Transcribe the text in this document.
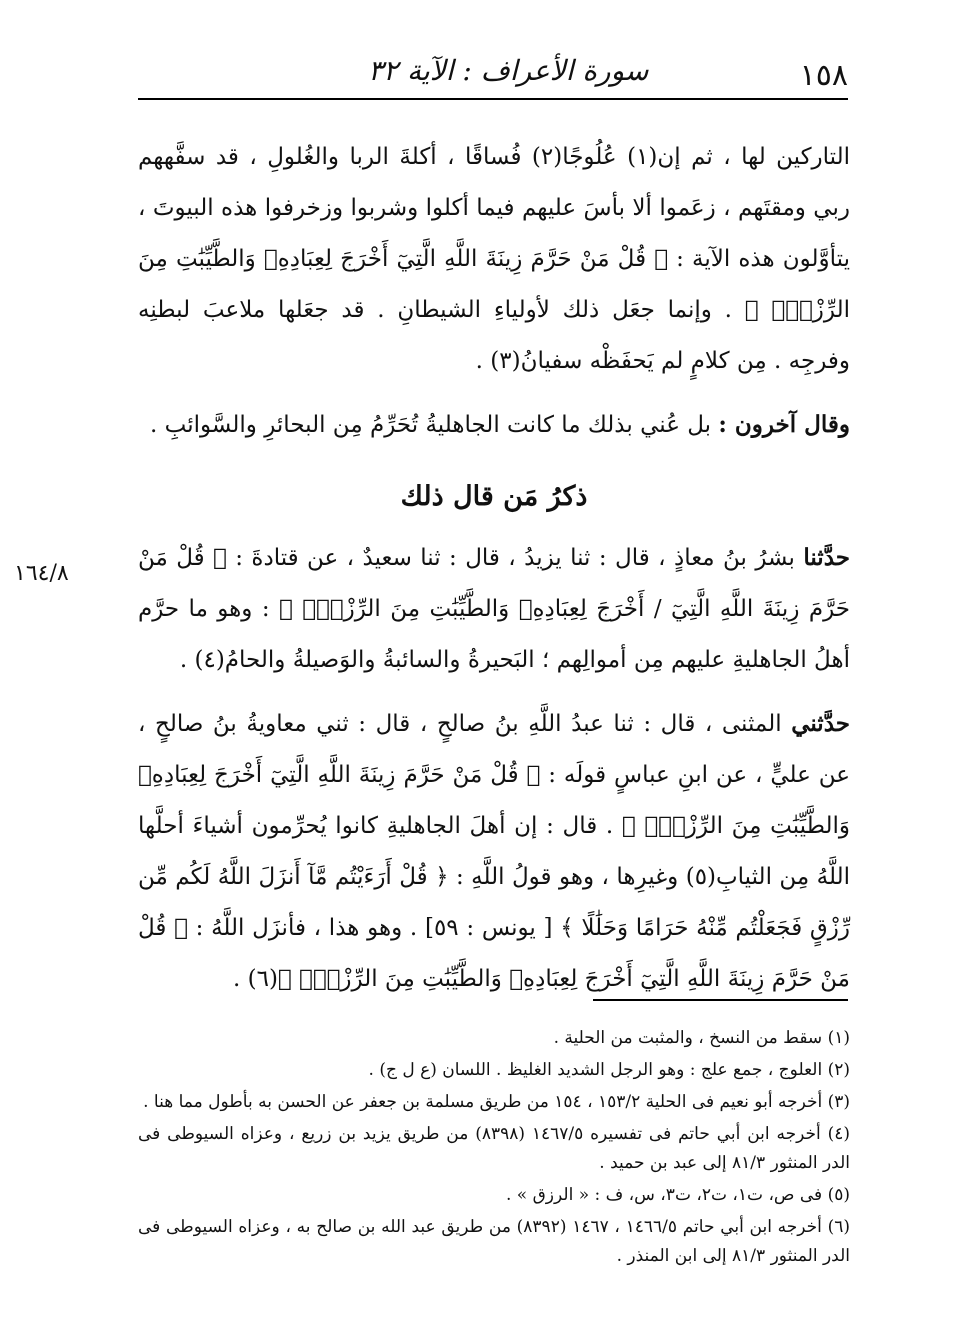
١٥٨
سورة الأعراف : الآية ٣٢
١٦٤/٨

التاركين لها ، ثم إن(١) عُلُوجًا(٢) فُساقًا ، أكلةَ الربا والغُلولِ ، قد سفَّههم ربي ومقتَهم ، زعَموا ألا بأسَ عليهم فيما أكلوا وشربوا وزخرفوا هذه البيوتَ ، يتأوَّلون هذه الآية : ﴿ قُلْ مَنْ حَرَّمَ زِينَةَ اللَّهِ الَّتِيٓ أَخْرَجَ لِعِبَادِهِۦ وَالطَّيِّبَٰتِ مِنَ الرِّزْقِۚ ﴾ . وإنما جعَل ذلك لأولياءِ الشيطانِ . قد جعَلها ملاعبَ لبطنِه وفرجِه . مِن كلامٍ لم يَحفَظْه سفيانُ(٣) .

وقال آخرون : بل عُني بذلك ما كانت الجاهليةُ تُحَرِّمُ مِن البحائرِ والسَّوائبِ .

ذكرُ مَن قال ذلك

حدَّثنا بشرُ بنُ معاذٍ ، قال : ثنا يزيدُ ، قال : ثنا سعيدٌ ، عن قتادةَ : ﴿ قُلْ مَنْ حَرَّمَ زِينَةَ اللَّهِ الَّتِيٓ / أَخْرَجَ لِعِبَادِهِۦ وَالطَّيِّبَٰتِ مِنَ الرِّزْقِۚ ﴾ : وهو ما حرَّم أهلُ الجاهليةِ عليهم مِن أموالِهم ؛ البَحيرةُ والسائبةُ والوَصيلةُ والحامُ(٤) .

حدَّثني المثنى ، قال : ثنا عبدُ اللَّهِ بنُ صالحٍ ، قال : ثني معاويةُ بنُ صالحٍ ، عن عليٍّ ، عن ابنِ عباسٍ قولَه : ﴿ قُلْ مَنْ حَرَّمَ زِينَةَ اللَّهِ الَّتِيٓ أَخْرَجَ لِعِبَادِهِۦ وَالطَّيِّبَٰتِ مِنَ الرِّزْقِۚ ﴾ . قال : إن أهلَ الجاهليةِ كانوا يُحرِّمون أشياءَ أحلَّها اللَّهُ مِن الثيابِ(٥) وغيرِها ، وهو قولُ اللَّهِ : ﴿ قُلْ أَرَءَيْتُم مَّآ أَنزَلَ اللَّهُ لَكُم مِّن رِّزْقٍ فَجَعَلْتُم مِّنْهُ حَرَامًا وَحَلَٰلًا ﴾ [ يونس : ٥٩] . وهو هذا ، فأنزَل اللَّهُ : ﴿ قُلْ مَنْ حَرَّمَ زِينَةَ اللَّهِ الَّتِيٓ أَخْرَجَ لِعِبَادِهِۦ وَالطَّيِّبَٰتِ مِنَ الرِّزْقِۚ ﴾(٦) .

(١) سقط من النسخ ، والمثبت من الحلية .

(٢) العلوج ، جمع علج : وهو الرجل الشديد الغليظ . اللسان (ع ل ج) .

(٣) أخرجه أبو نعيم فى الحلية ١٥٣/٢ ، ١٥٤ من طريق مسلمة بن جعفر عن الحسن به بأطول مما هنا .

(٤) أخرجه ابن أبي حاتم فى تفسيره ١٤٦٧/٥ (٨٣٩٨) من طريق يزيد بن زريع ، وعزاه السيوطى فى الدر المنثور ٨١/٣ إلى عبد بن حميد .

(٥) فى ص، ت١، ت٢، ت٣، س، ف : « الرزق » .

(٦) أخرجه ابن أبي حاتم ١٤٦٦/٥ ، ١٤٦٧ (٨٣٩٢) من طريق عبد الله بن صالح به ، وعزاه السيوطى فى الدر المنثور ٨١/٣ إلى ابن المنذر .
